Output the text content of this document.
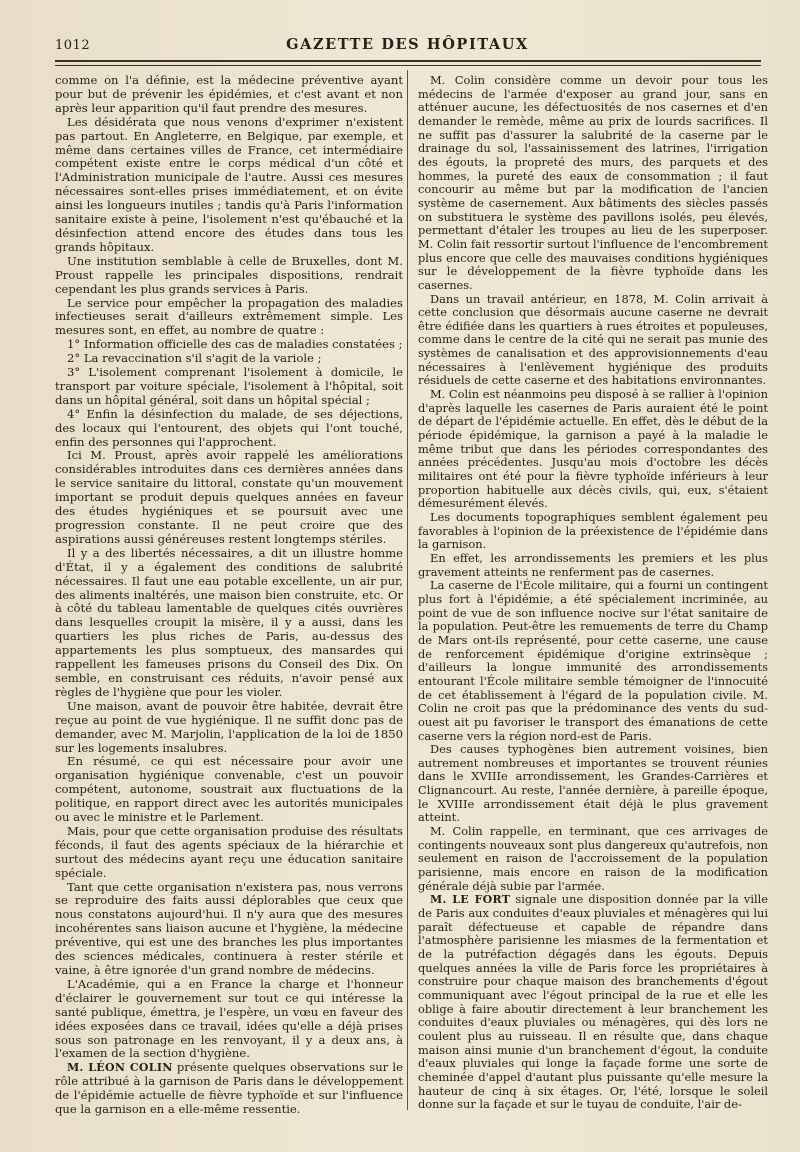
1012	GAZETTE DES HÔPITAUX

comme on l'a définie, est la médecine préventive ayant pour but de prévenir les épidémies, et c'est avant et non après leur apparition qu'il faut prendre des mesures.

Les désidérata que nous venons d'exprimer n'existent pas partout. En Angleterre, en Belgique, par exemple, et même dans certaines villes de France, cet intermédiaire compétent existe entre le corps médical d'un côté et l'Administration municipale de l'autre. Aussi ces mesures nécessaires sont-elles prises immédiatement, et on évite ainsi les longueurs inutiles ; tandis qu'à Paris l'information sanitaire existe à peine, l'isolement n'est qu'ébauché et la désinfection attend encore des études dans tous les grands hôpitaux.

Une institution semblable à celle de Bruxelles, dont M. Proust rappelle les principales dispositions, rendrait cependant les plus grands services à Paris.

Le service pour empêcher la propagation des maladies infectieuses serait d'ailleurs extrêmement simple. Les mesures sont, en effet, au nombre de quatre :

1° Information officielle des cas de maladies constatées ;

2° La revaccination s'il s'agit de la variole ;

3° L'isolement comprenant l'isolement à domicile, le transport par voiture spéciale, l'isolement à l'hôpital, soit dans un hôpital général, soit dans un hôpital spécial ;

4° Enfin la désinfection du malade, de ses déjections, des locaux qui l'entourent, des objets qui l'ont touché, enfin des personnes qui l'approchent.

Ici M. Proust, après avoir rappelé les améliorations considérables introduites dans ces dernières années dans le service sanitaire du littoral, constate qu'un mouvement important se produit depuis quelques années en faveur des études hygiéniques et se poursuit avec une progression constante. Il ne peut croire que des aspirations aussi généreuses restent longtemps stériles.

Il y a des libertés nécessaires, a dit un illustre homme d'État, il y a également des conditions de salubrité nécessaires. Il faut une eau potable excellente, un air pur, des aliments inaltérés, une maison bien construite, etc. Or à côté du tableau lamentable de quelques cités ouvrières dans lesquelles croupit la misère, il y a aussi, dans les quartiers les plus riches de Paris, au-dessus des appartements les plus somptueux, des mansardes qui rappellent les fameuses prisons du Conseil des Dix. On semble, en construisant ces réduits, n'avoir pensé aux règles de l'hygiène que pour les violer.

Une maison, avant de pouvoir être habitée, devrait être reçue au point de vue hygiénique. Il ne suffit donc pas de demander, avec M. Marjolin, l'application de la loi de 1850 sur les logements insalubres.

En résumé, ce qui est nécessaire pour avoir une organisation hygiénique convenable, c'est un pouvoir compétent, autonome, soustrait aux fluctuations de la politique, en rapport direct avec les autorités municipales ou avec le ministre et le Parlement.

Mais, pour que cette organisation produise des résultats féconds, il faut des agents spéciaux de la hiérarchie et surtout des médecins ayant reçu une éducation sanitaire spéciale.

Tant que cette organisation n'existera pas, nous verrons se reproduire des faits aussi déplorables que ceux que nous constatons aujourd'hui. Il n'y aura que des mesures incohérentes sans liaison aucune et l'hygiène, la médecine préventive, qui est une des branches les plus importantes des sciences médicales, continuera à rester stérile et vaine, à être ignorée d'un grand nombre de médecins.

L'Académie, qui a en France la charge et l'honneur d'éclairer le gouvernement sur tout ce qui intéresse la santé publique, émettra, je l'espère, un vœu en faveur des idées exposées dans ce travail, idées qu'elle a déjà prises sous son patronage en les renvoyant, il y a deux ans, à l'examen de la section d'hygiène.

M. LÉON COLIN présente quelques observations sur le rôle attribué à la garnison de Paris dans le développement de l'épidémie actuelle de fièvre typhoïde et sur l'influence que la garnison en a elle-même ressentie.

M. Colin considère comme un devoir pour tous les médecins de l'armée d'exposer au grand jour, sans en atténuer aucune, les défectuosités de nos casernes et d'en demander le remède, même au prix de lourds sacrifices. Il ne suffit pas d'assurer la salubrité de la caserne par le drainage du sol, l'assainissement des latrines, l'irrigation des égouts, la propreté des murs, des parquets et des hommes, la pureté des eaux de consommation ; il faut concourir au même but par la modification de l'ancien système de casernement. Aux bâtiments des siècles passés on substituera le système des pavillons isolés, peu élevés, permettant d'étaler les troupes au lieu de les superposer. M. Colin fait ressortir surtout l'influence de l'encombrement plus encore que celle des mauvaises conditions hygiéniques sur le développement de la fièvre typhoïde dans les casernes.

Dans un travail antérieur, en 1878, M. Colin arrivait à cette conclusion que désormais aucune caserne ne devrait être édifiée dans les quartiers à rues étroites et populeuses, comme dans le centre de la cité qui ne serait pas munie des systèmes de canalisation et des approvisionnements d'eau nécessaires à l'enlèvement hygiénique des produits résiduels de cette caserne et des habitations environnantes.

M. Colin est néanmoins peu disposé à se rallier à l'opinion d'après laquelle les casernes de Paris auraient été le point de départ de l'épidémie actuelle. En effet, dès le début de la période épidémique, la garnison a payé à la maladie le même tribut que dans les périodes correspondantes des années précédentes. Jusqu'au mois d'octobre les décès militaires ont été pour la fièvre typhoïde inférieurs à leur proportion habituelle aux décès civils, qui, eux, s'étaient démesurément élevés.

Les documents topographiques semblent également peu favorables à l'opinion de la préexistence de l'épidémie dans la garnison.

En effet, les arrondissements les premiers et les plus gravement atteints ne renferment pas de casernes.

La caserne de l'École militaire, qui a fourni un contingent plus fort à l'épidémie, a été spécialement incriminée, au point de vue de son influence nocive sur l'état sanitaire de la population. Peut-être les remuements de terre du Champ de Mars ont-ils représenté, pour cette caserne, une cause de renforcement épidémique d'origine extrinsèque ; d'ailleurs la longue immunité des arrondissements entourant l'École militaire semble témoigner de l'innocuité de cet établissement à l'égard de la population civile. M. Colin ne croit pas que la prédominance des vents du sud-ouest ait pu favoriser le transport des émanations de cette caserne vers la région nord-est de Paris.

Des causes typhogènes bien autrement voisines, bien autrement nombreuses et importantes se trouvent réunies dans le XVIIIe arrondissement, les Grandes-Carrières et Clignancourt. Au reste, l'année dernière, à pareille époque, le XVIIIe arrondissement était déjà le plus gravement atteint.

M. Colin rappelle, en terminant, que ces arrivages de contingents nouveaux sont plus dangereux qu'autrefois, non seulement en raison de l'accroissement de la population parisienne, mais encore en raison de la modification générale déjà subie par l'armée.

M. LE FORT signale une disposition donnée par la ville de Paris aux conduites d'eaux pluviales et ménagères qui lui paraît défectueuse et capable de répandre dans l'atmosphère parisienne les miasmes de la fermentation et de la putréfaction dégagés dans les égouts. Depuis quelques années la ville de Paris force les propriétaires à construire pour chaque maison des branchements d'égout communiquant avec l'égout principal de la rue et elle les oblige à faire aboutir directement à leur branchement les conduites d'eaux pluviales ou ménagères, qui dès lors ne coulent plus au ruisseau. Il en résulte que, dans chaque maison ainsi munie d'un branchement d'égout, la conduite d'eaux pluviales qui longe la façade forme une sorte de cheminée d'appel d'autant plus puissante qu'elle mesure la hauteur de cinq à six étages. Or, l'été, lorsque le soleil donne sur la façade et sur le tuyau de conduite, l'air de-
